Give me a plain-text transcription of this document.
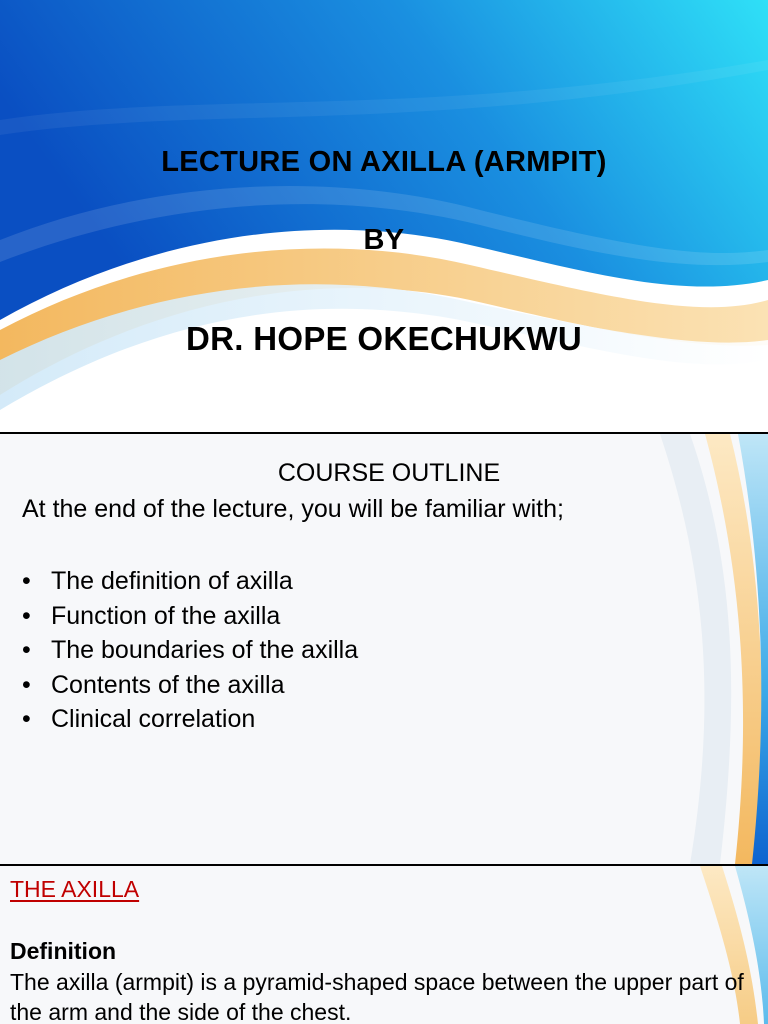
LECTURE ON AXILLA (ARMPIT)
BY
DR. HOPE OKECHUKWU
COURSE OUTLINE
At the end of the lecture, you will be familiar with;
• The definition of axilla
• Function of the axilla
• The boundaries of the axilla
• Contents of the axilla
• Clinical correlation
THE AXILLA
Definition
The axilla (armpit) is a pyramid-shaped space between the upper part of the arm and the side of the chest.
